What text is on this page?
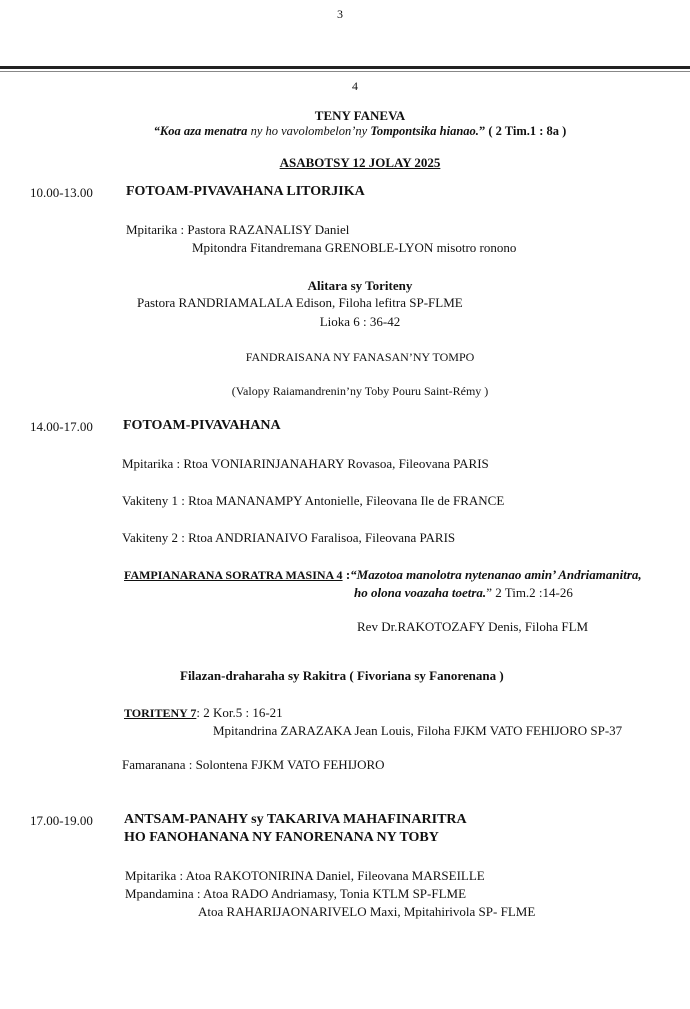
3
4
TENY FANEVA
“Koa aza menatra ny ho vavolombelon’ny Tompontsika hianao.” ( 2 Tim.1 : 8a )
ASABOTSY 12 JOLAY 2025
10.00-13.00 FOTOAM-PIVAVAHANA LITORJIKA
Mpitarika : Pastora RAZANALISY Daniel
Mpitondra Fitandremana GRENOBLE-LYON misotro ronono
Alitara sy Toriteny
Pastora RANDRIAMALALA Edison, Filoha lefitra SP-FLME
Lioka 6 : 36-42
FANDRAISANA NY FANASAN’NY TOMPO
(Valopy Raiamandrenin’ny Toby Pouru Saint-Rémy )
14.00-17.00 FOTOAM-PIVAVAHANA
Mpitarika : Rtoa VONIARINJANAHARY Rovasoa, Fileovana PARIS
Vakiteny 1 : Rtoa MANANAMPY Antonielle, Fileovana Ile de FRANCE
Vakiteny 2 : Rtoa ANDRIANAIVO Faralisoa, Fileovana PARIS
FAMPIANARANA SORATRA MASINA 4 :“Mazotoa manolotra nytenanao amin’ Andriamanitra,
ho olona voazaha toetra.” 2 Tim.2 :14-26
Rev Dr.RAKOTOZAFY Denis, Filoha FLM
Filazan-draharaha sy Rakitra ( Fivoriana sy Fanorenana )
TORITENY 7: 2 Kor.5 : 16-21
Mpitandrina ZARAZAKA Jean Louis, Filoha FJKM VATO FEHIJORO SP-37
Famaranana : Solontena FJKM VATO FEHIJORO
17.00-19.00 ANTSAM-PANAHY sy TAKARIVA MAHAFINARITRA
HO FANOHANANA NY FANORENANA NY TOBY
Mpitarika : Atoa RAKOTONIRINA Daniel, Fileovana MARSEILLE
Mpandamina : Atoa RADO Andriamasy, Tonia KTLM SP-FLME
Atoa RAHARIJAONARIVELO Maxi, Mpitahirivola SP- FLME
